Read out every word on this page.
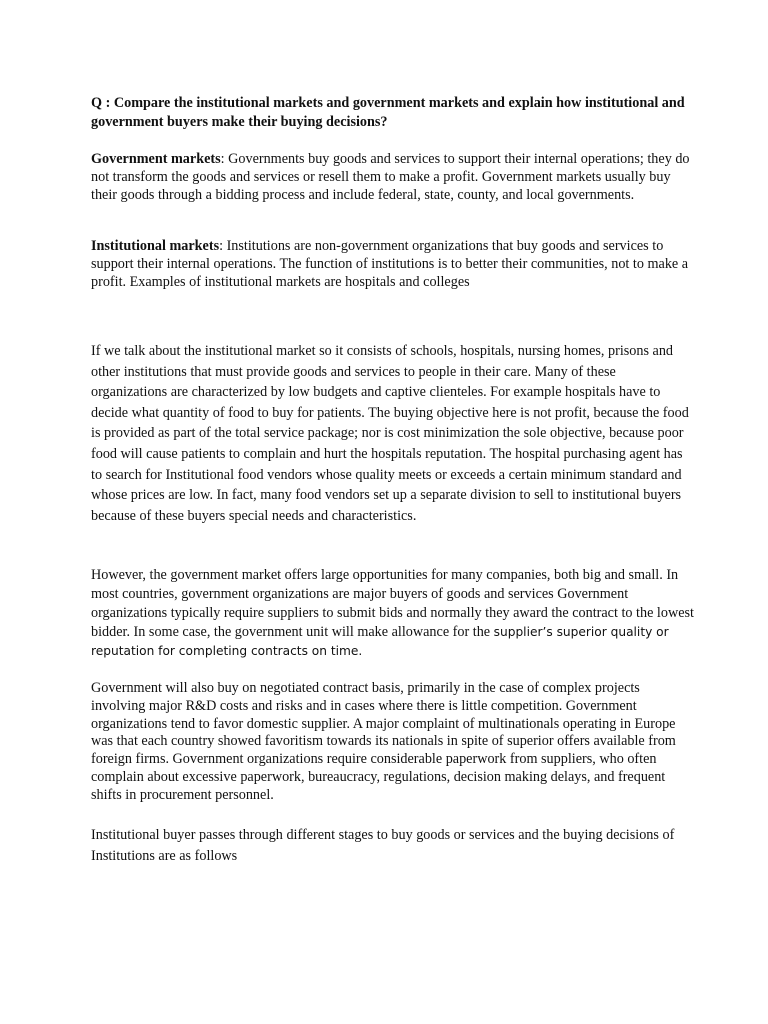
Q : Compare the institutional markets and government markets and explain how institutional and government buyers make their buying decisions?

Government markets: Governments buy goods and services to support their internal operations; they do not transform the goods and services or resell them to make a profit. Government markets usually buy their goods through a bidding process and include federal, state, county, and local governments.

Institutional markets: Institutions are non-government organizations that buy goods and services to support their internal operations. The function of institutions is to better their communities, not to make a profit. Examples of institutional markets are hospitals and colleges

If we talk about the institutional market so it consists of schools, hospitals, nursing homes, prisons and other institutions that must provide goods and services to people in their care. Many of these organizations are characterized by low budgets and captive clienteles. For example hospitals have to decide what quantity of food to buy for patients. The buying objective here is not profit, because the food is provided as part of the total service package; nor is cost minimization the sole objective, because poor food will cause patients to complain and hurt the hospitals reputation. The hospital purchasing agent has to search for Institutional food vendors whose quality meets or exceeds a certain minimum standard and whose prices are low. In fact, many food vendors set up a separate division to sell to institutional buyers because of these buyers special needs and characteristics.

However, the government market offers large opportunities for many companies, both big and small. In most countries, government organizations are major buyers of goods and services Government organizations typically require suppliers to submit bids and normally they award the contract to the lowest bidder. In some case, the government unit will make allowance for the supplier’s superior quality or reputation for completing contracts on time.

Government will also buy on negotiated contract basis, primarily in the case of complex projects involving major R&D costs and risks and in cases where there is little competition. Government organizations tend to favor domestic supplier. A major complaint of multinationals operating in Europe was that each country showed favoritism towards its nationals in spite of superior offers available from foreign firms. Government organizations require considerable paperwork from suppliers, who often complain about excessive paperwork, bureaucracy, regulations, decision making delays, and frequent shifts in procurement personnel.

Institutional buyer passes through different stages to buy goods or services and the buying decisions of Institutions are as follows
